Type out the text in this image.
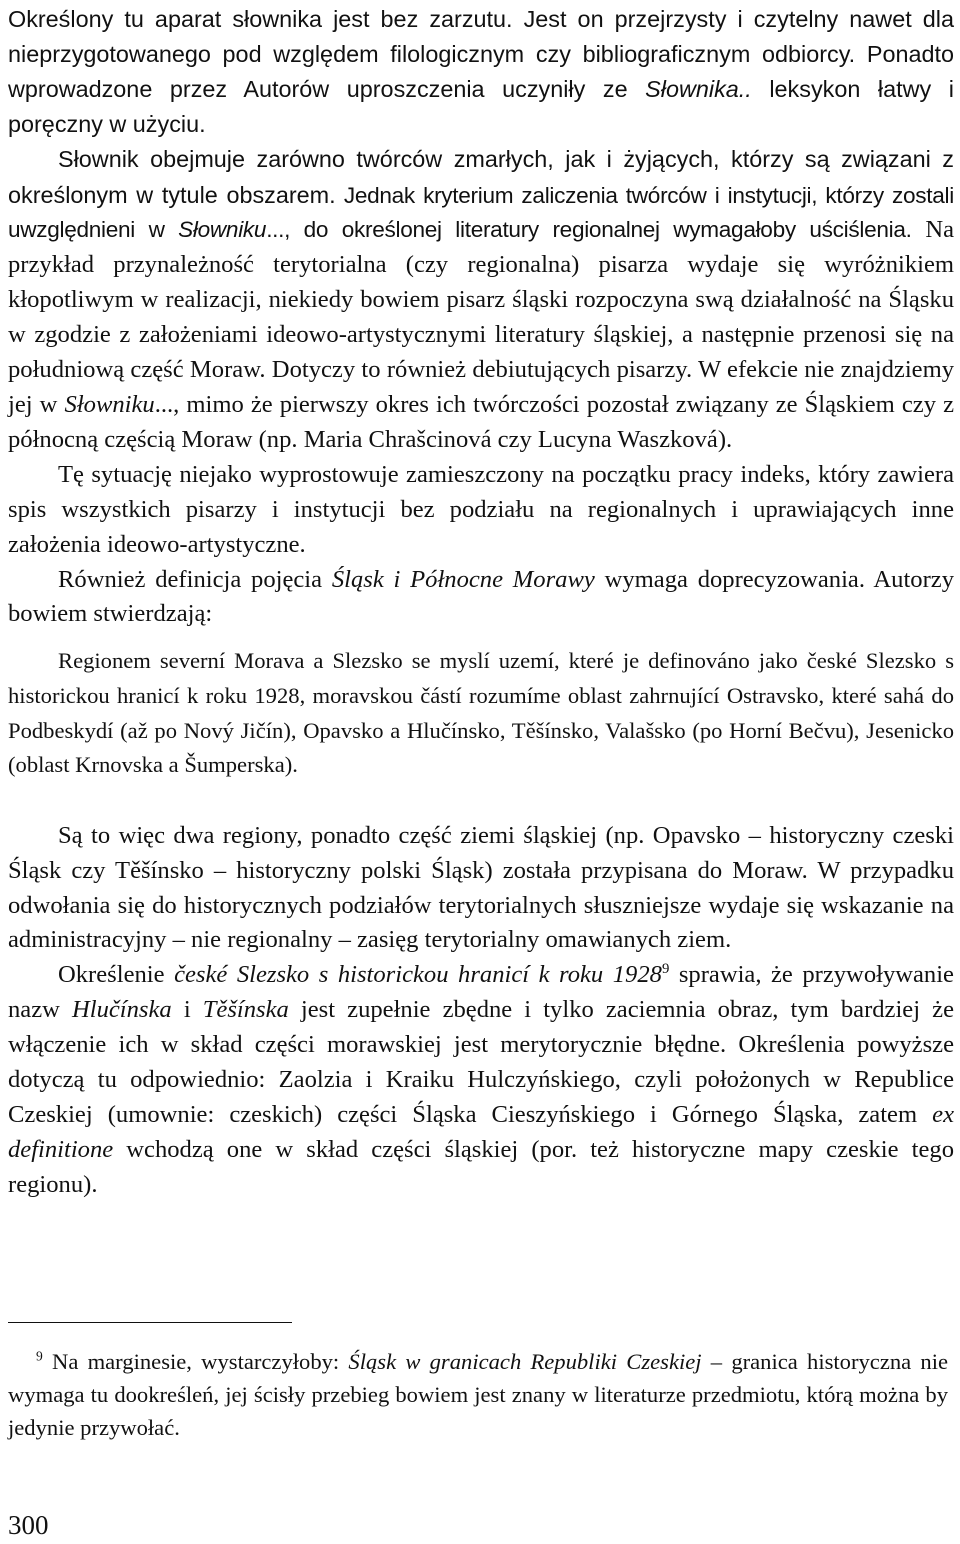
Określony tu aparat słownika jest bez zarzutu. Jest on przejrzysty i czytelny nawet dla nieprzygotowanego pod względem filologicznym czy bibliograficznym odbiorcy. Ponadto wprowadzone przez Autorów uproszczenia uczyniły ze Słownika.. leksykon łatwy i poręczny w użyciu.

Słownik obejmuje zarówno twórców zmarłych, jak i żyjących, którzy są związani z określonym w tytule obszarem. Jednak kryterium zaliczenia twórców i instytucji, którzy zostali uwzględnieni w Słowniku..., do określonej literatury regionalnej wymagałoby uściślenia. Na przykład przynależność terytorialna (czy regionalna) pisarza wydaje się wyróżnikiem kłopotliwym w realizacji, niekiedy bowiem pisarz śląski rozpoczyna swą działalność na Śląsku w zgodzie z założeniami ideowo-artystycznymi literatury śląskiej, a następnie przenosi się na południową część Moraw. Dotyczy to również debiutujących pisarzy. W efekcie nie znajdziemy jej w Słowniku..., mimo że pierwszy okres ich twórczości pozostał związany ze Śląskiem czy z północną częścią Moraw (np. Maria Chrašcinová czy Lucyna Waszková).

Tę sytuację niejako wyprostowuje zamieszczony na początku pracy indeks, który zawiera spis wszystkich pisarzy i instytucji bez podziału na regionalnych i uprawiających inne założenia ideowo-artystyczne.

Również definicja pojęcia Śląsk i Północne Morawy wymaga doprecyzowania. Autorzy bowiem stwierdzają:

Regionem severní Morava a Slezsko se myslí uzemí, které je definováno jako české Slezsko s historickou hranicí k roku 1928, moravskou částí rozumíme oblast zahrnující Ostravsko, které sahá do Podbeskydí (až po Nový Jičín), Opavsko a Hlučínsko, Těšínsko, Valašsko (po Horní Bečvu), Jesenicko (oblast Krnovska a Šumperska).

Są to więc dwa regiony, ponadto część ziemi śląskiej (np. Opavsko – historyczny czeski Śląsk czy Těšínsko – historyczny polski Śląsk) została przypisana do Moraw. W przypadku odwołania się do historycznych podziałów terytorialnych słuszniejsze wydaje się wskazanie na administracyjny – nie regionalny – zasięg terytorialny omawianych ziem.

Określenie české Slezsko s historickou hranicí k roku 1928$^9$ sprawia, że przywoływanie nazw Hlučínska i Těšínska jest zupełnie zbędne i tylko zaciemnia obraz, tym bardziej że włączenie ich w skład części morawskiej jest merytorycznie błędne. Określenia powyższe dotyczą tu odpowiednio: Zaolzia i Kraiku Hulczyńskiego, czyli położonych w Republice Czeskiej (umownie: czeskich) części Śląska Cieszyńskiego i Górnego Śląska, zatem ex definitione wchodzą one w skład części śląskiej (por. też historyczne mapy czeskie tego regionu).

$^9$ Na marginesie, wystarczyłoby: Śląsk w granicach Republiki Czeskiej – granica historyczna nie wymaga tu dookreśleń, jej ścisły przebieg bowiem jest znany w literaturze przedmiotu, którą można by jedynie przywołać.

300
